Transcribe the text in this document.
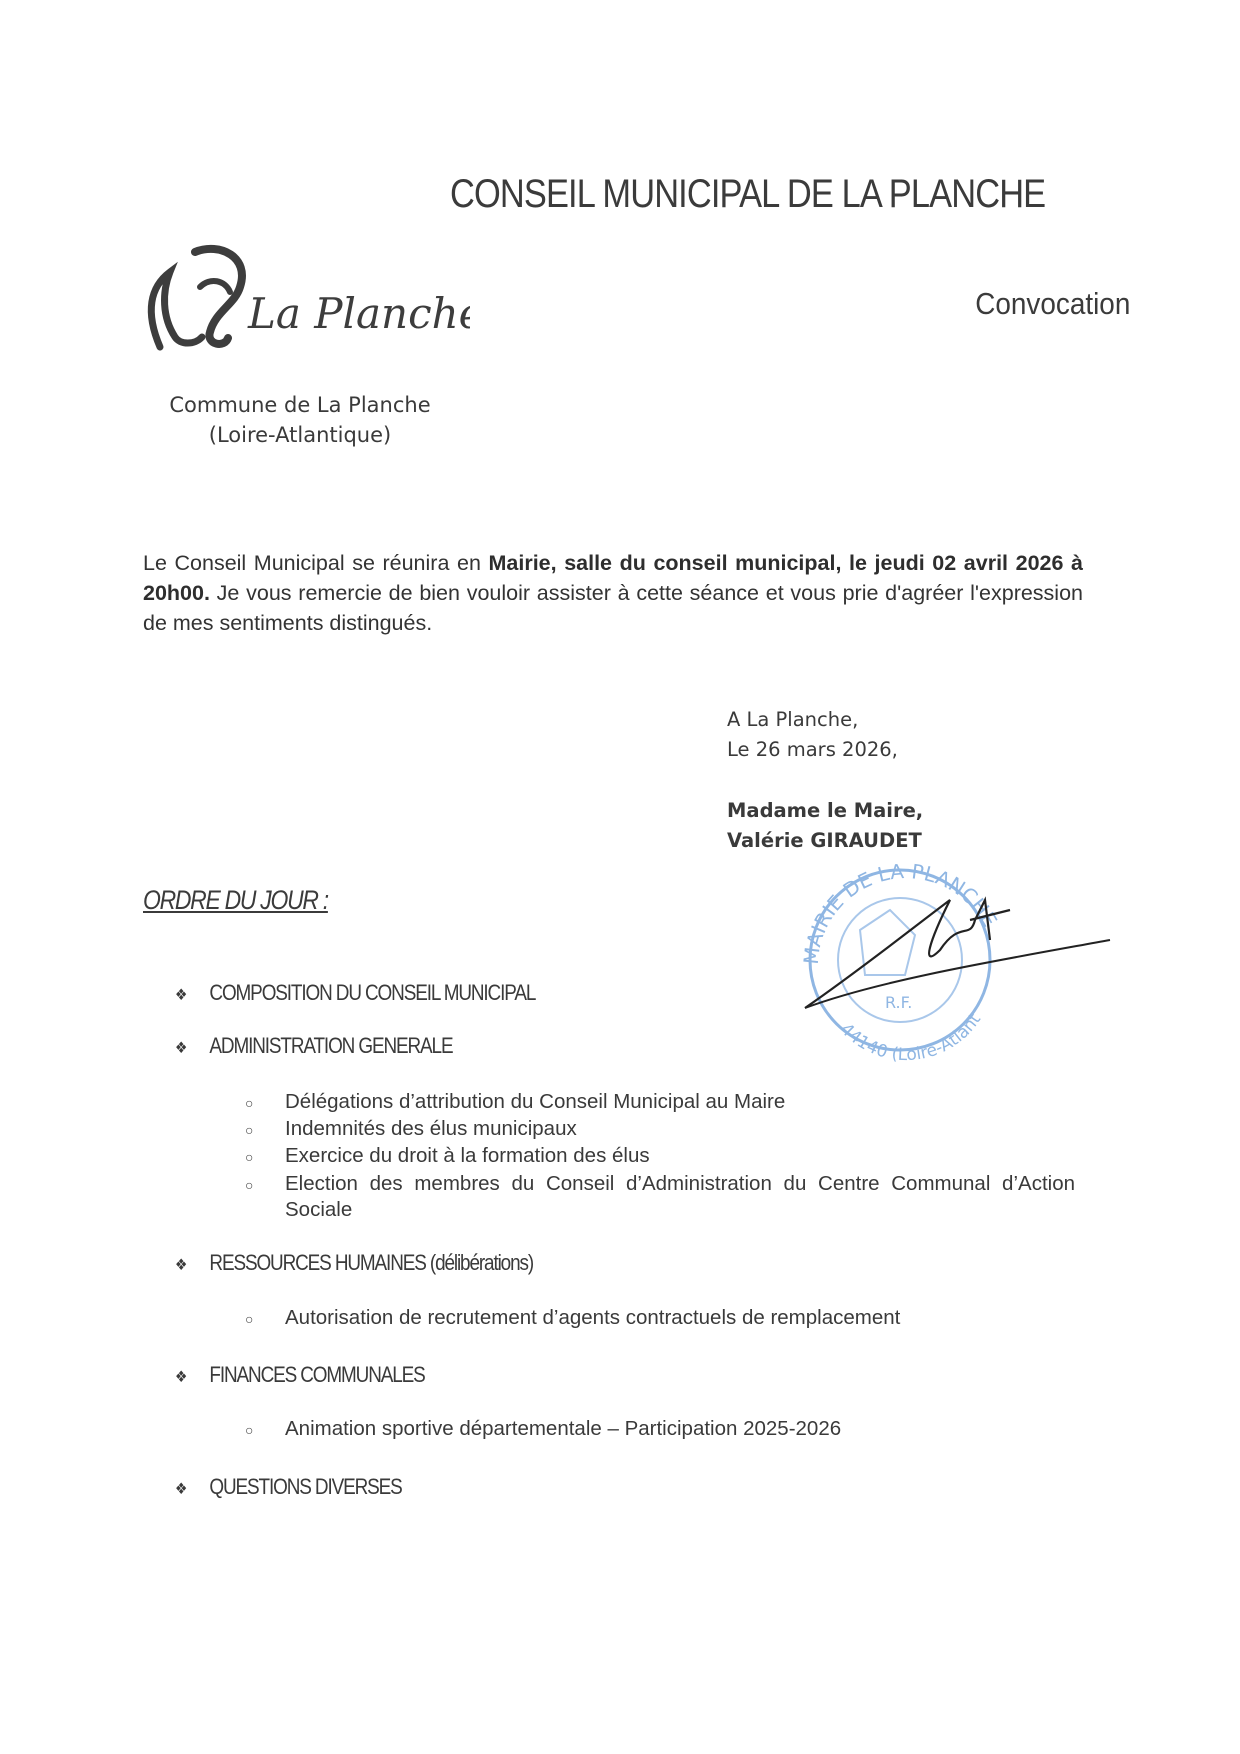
CONSEIL MUNICIPAL DE LA PLANCHE
La Planche	Convocation
Commune de La Planche
(Loire-Atlantique)
Le Conseil Municipal se réunira en Mairie, salle du conseil municipal, le jeudi 02 avril 2026 à 20h00. Je vous remercie de bien vouloir assister à cette séance et vous prie d'agréer l'expression de mes sentiments distingués.
A La Planche,
Le 26 mars 2026,
Madame le Maire,
Valérie GIRAUDET
MAIRIE DE LA PLANCHE
44140 (Loire-Atlant
R.F.
ORDRE DU JOUR :
❖ COMPOSITION DU CONSEIL MUNICIPAL
❖ ADMINISTRATION GENERALE
○ Délégations d’attribution du Conseil Municipal au Maire
○ Indemnités des élus municipaux
○ Exercice du droit à la formation des élus
○ Election des membres du Conseil d’Administration du Centre Communal d’Action Sociale
❖ RESSOURCES HUMAINES (délibérations)
○ Autorisation de recrutement d’agents contractuels de remplacement
❖ FINANCES COMMUNALES
○ Animation sportive départementale – Participation 2025-2026
❖ QUESTIONS DIVERSES
